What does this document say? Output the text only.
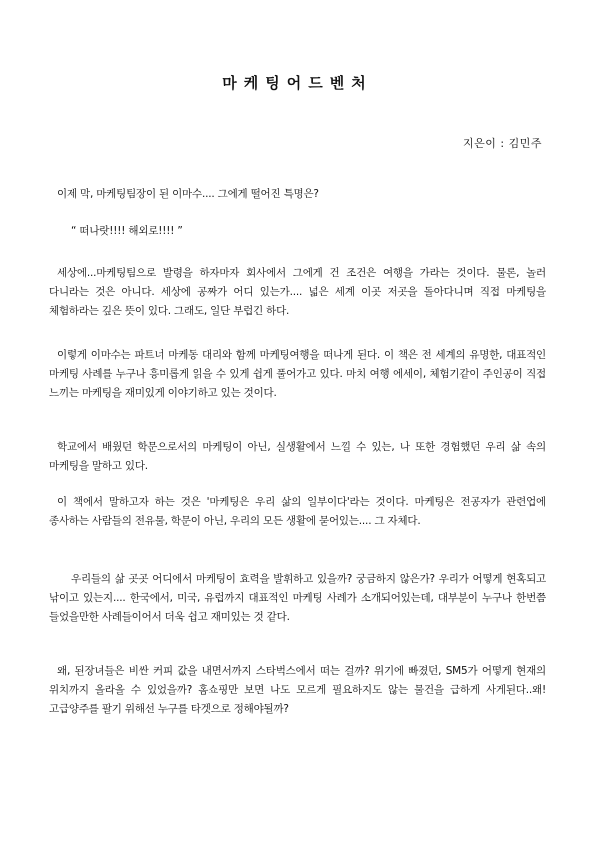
마케팅어드벤처
지은이 : 김민주
이제 막, 마케팅팀장이 된 이마수.... 그에게 떨어진 특명은?
“ 떠나랏!!!! 해외로!!!! ”
세상에...마케팅팀으로 발령을 하자마자 회사에서 그에게 건 조건은 여행을 가라는 것이다. 물론, 놀러 다니라는 것은 아니다. 세상에 공짜가 어디 있는가.... 넓은 세계 이곳 저곳을 돌아다니며 직접 마케팅을 체험하라는 깊은 뜻이 있다. 그래도, 일단 부럽긴 하다.
이렇게 이마수는 파트너 마케동 대리와 함께 마케팅여행을 떠나게 된다. 이 책은 전 세계의 유명한, 대표적인 마케팅 사례를 누구나 흥미롭게 읽을 수 있게 쉽게 풀어가고 있다. 마치 여행 에세이, 체험기같이 주인공이 직접 느끼는 마케팅을 재미있게 이야기하고 있는 것이다.
학교에서 배웠던 학문으로서의 마케팅이 아닌, 실생활에서 느낄 수 있는, 나 또한 경험했던 우리 삶 속의 마케팅을 말하고 있다.
이 책에서 말하고자 하는 것은 '마케팅은 우리 삶의 일부이다'라는 것이다. 마케팅은 전공자가 관련업에 종사하는 사람들의 전유물, 학문이 아닌, 우리의 모든 생활에 묻어있는.... 그 자체다.
우리들의 삶 곳곳 어디에서 마케팅이 효력을 발휘하고 있을까? 궁금하지 않은가? 우리가 어떻게 현혹되고 낚이고 있는지.... 한국에서, 미국, 유럽까지 대표적인 마케팅 사례가 소개되어있는데, 대부분이 누구나 한번쯤 들었을만한 사례들이어서 더욱 쉽고 재미있는 것 같다.
왜, 된장녀들은 비싼 커피 값을 내면서까지 스타벅스에서 떠는 걸까? 위기에 빠졌던, SM5가 어떻게 현재의 위치까지 올라올 수 있었을까? 홈쇼핑만 보면 나도 모르게 필요하지도 않는 물건을 급하게 사게된다..왜! 고급양주를 팔기 위해선 누구를 타겟으로 정해야될까?
